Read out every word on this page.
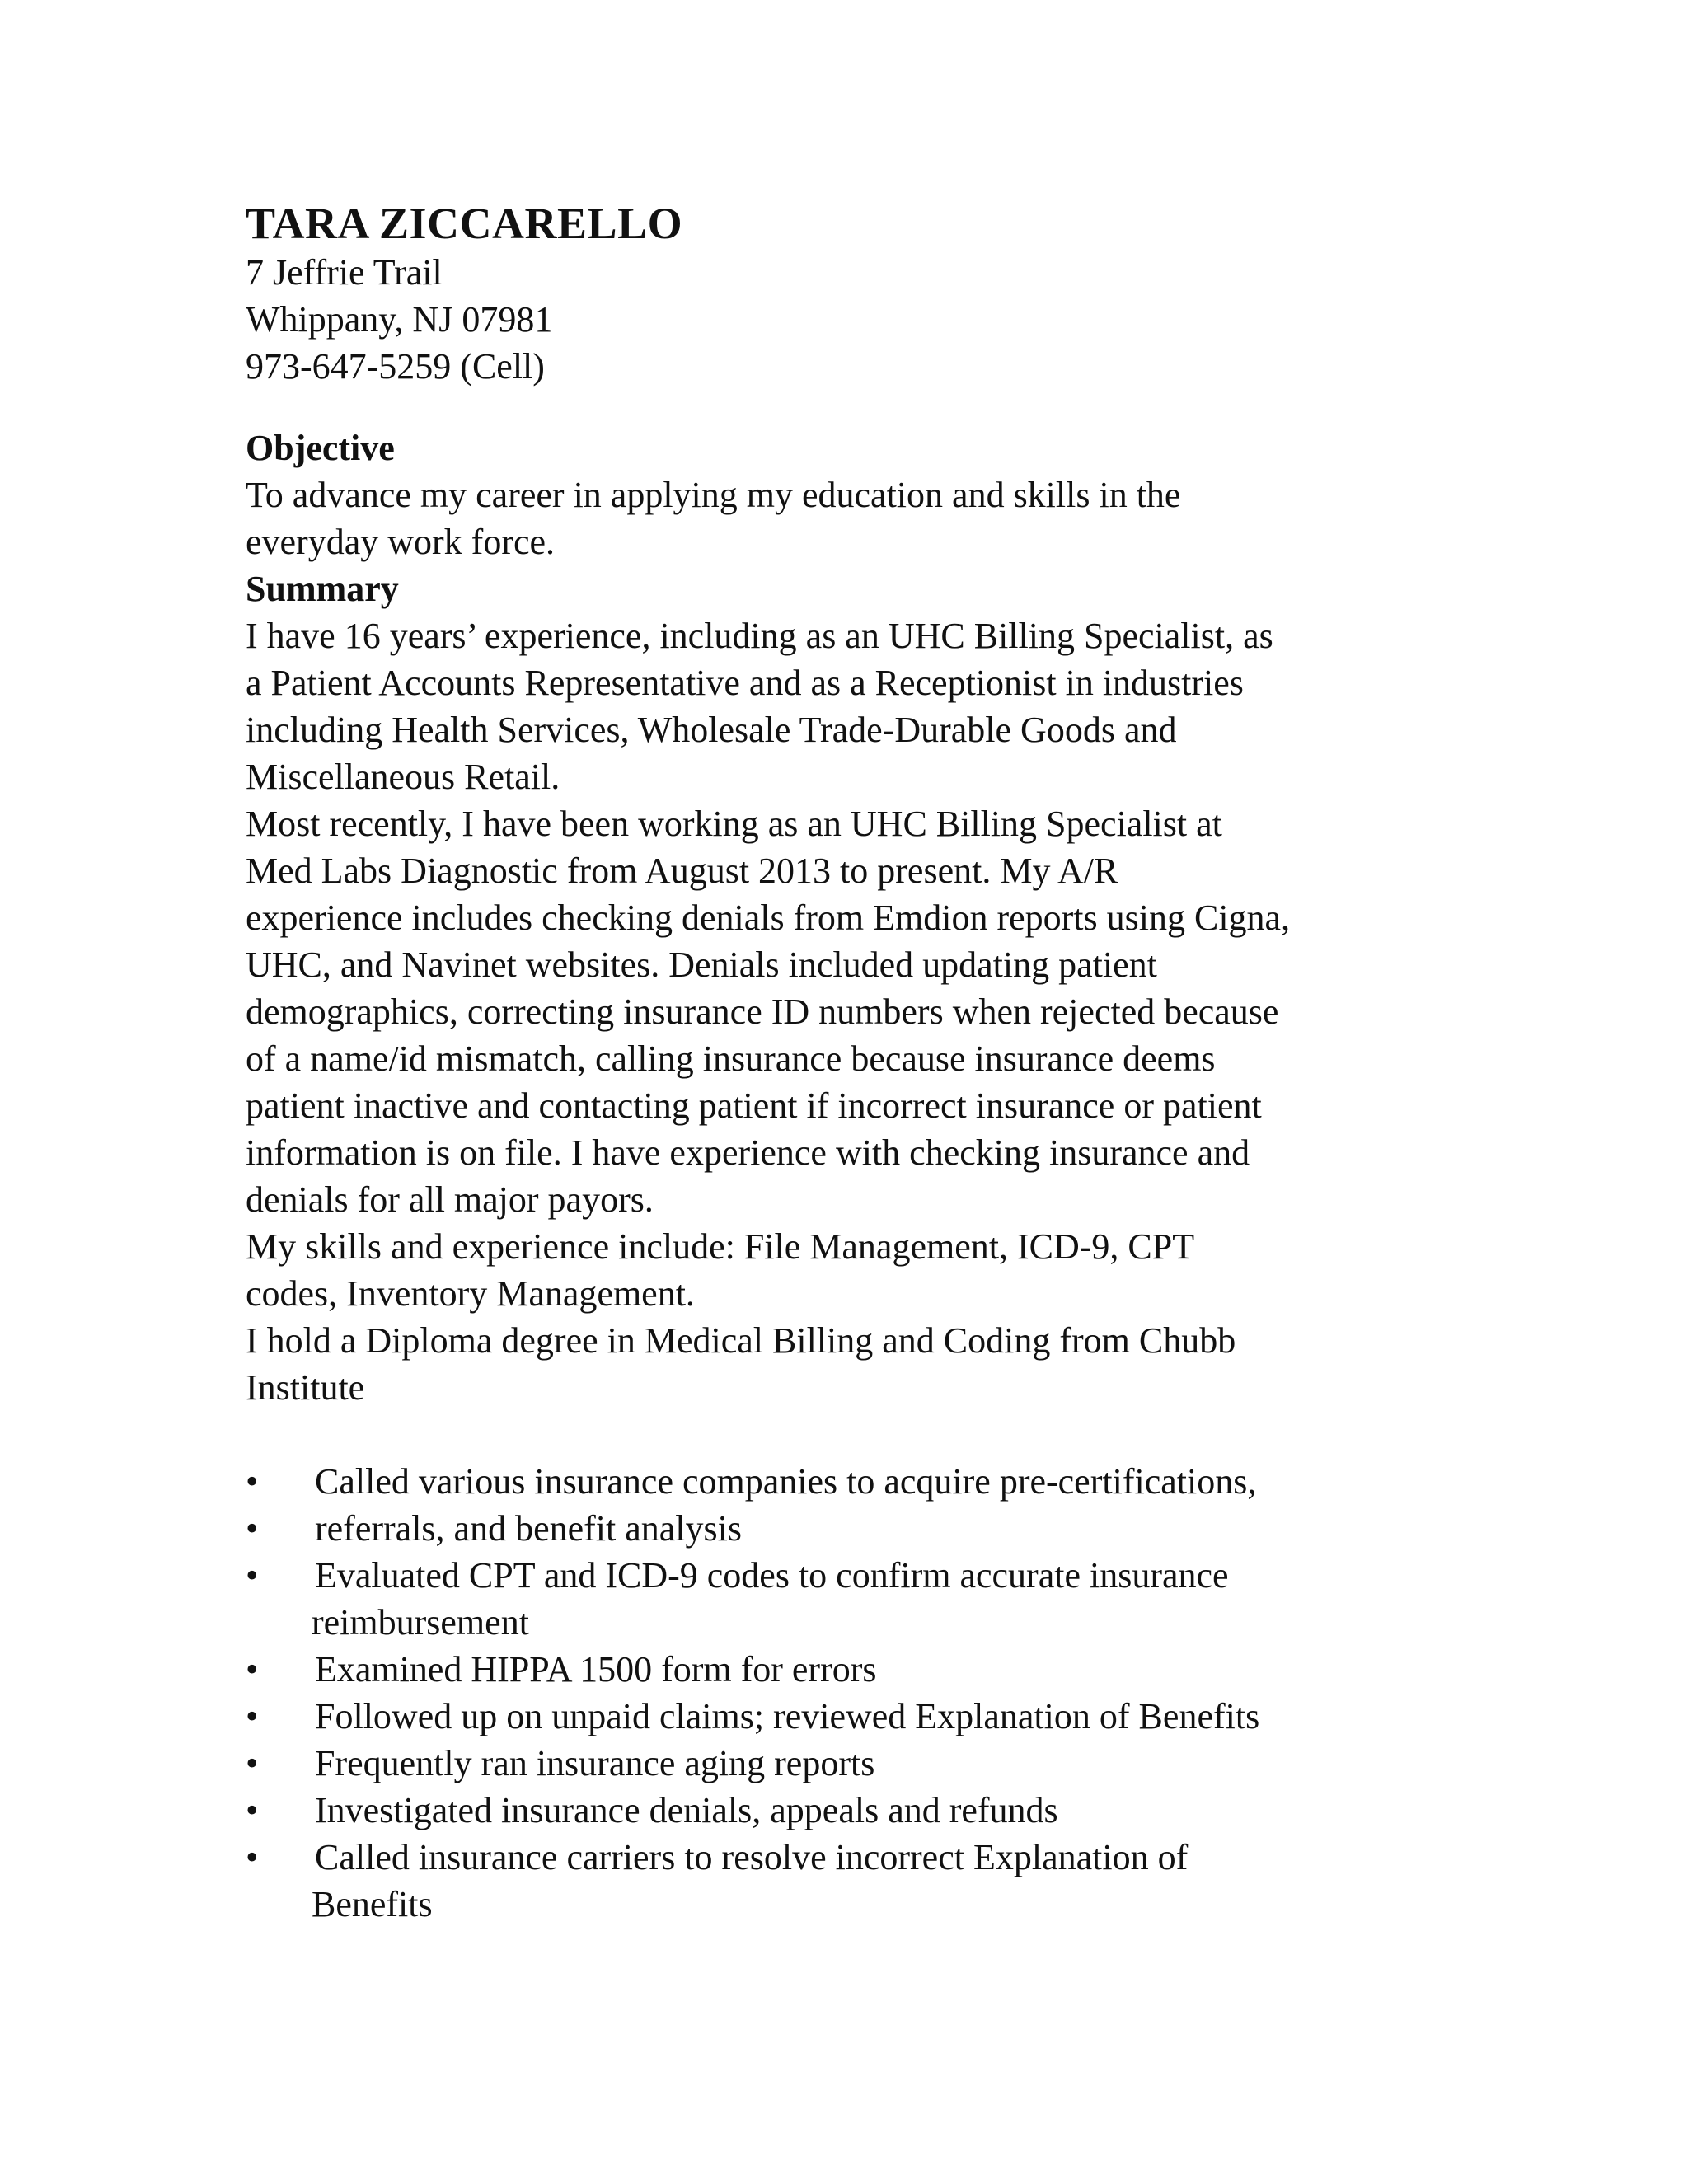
TARA ZICCARELLO

7 Jeffrie Trail

Whippany, NJ 07981

973-647-5259 (Cell)

Objective

To advance my career in applying my education and skills in the
everyday work force.

Summary

I have 16 years’ experience, including as an UHC Billing Specialist, as
a Patient Accounts Representative and as a Receptionist in industries
including Health Services, Wholesale Trade-Durable Goods and
Miscellaneous Retail.
Most recently, I have been working as an UHC Billing Specialist at
Med Labs Diagnostic from August 2013 to present. My A/R
experience includes checking denials from Emdion reports using Cigna,
UHC, and Navinet websites. Denials included updating patient
demographics, correcting insurance ID numbers when rejected because
of a name/id mismatch, calling insurance because insurance deems
patient inactive and contacting patient if incorrect insurance or patient
information is on file. I have experience with checking insurance and
denials for all major payors.
My skills and experience include: File Management, ICD-9, CPT
codes, Inventory Management.
I hold a Diploma degree in Medical Billing and Coding from Chubb
Institute
•	Called various insurance companies to acquire pre-certifications,
•	referrals, and benefit analysis
•	Evaluated CPT and ICD-9 codes to confirm accurate insurance
reimbursement
•	Examined HIPPA 1500 form for errors
•	Followed up on unpaid claims; reviewed Explanation of Benefits
•	Frequently ran insurance aging reports
•	Investigated insurance denials, appeals and refunds
•	Called insurance carriers to resolve incorrect Explanation of
Benefits
